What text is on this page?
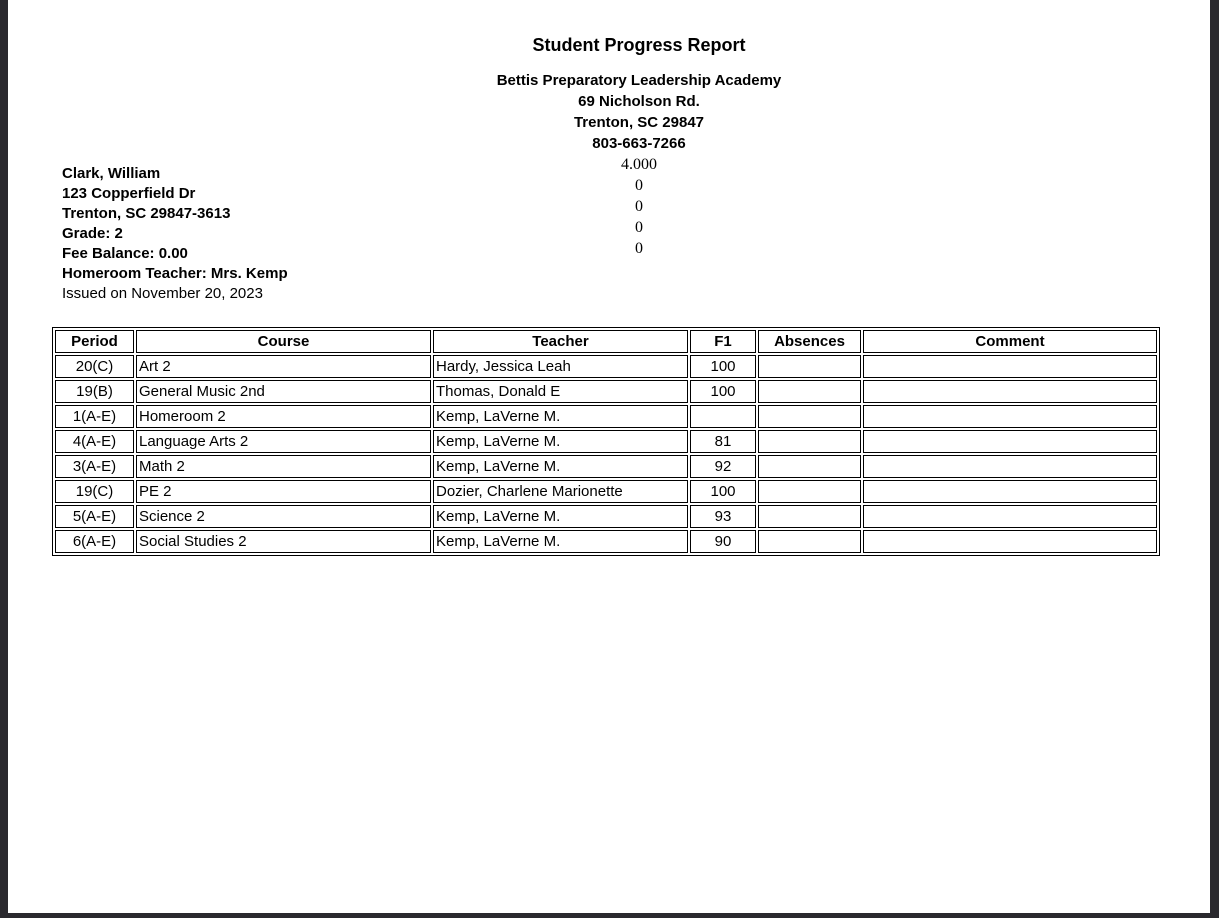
Student Progress Report
Bettis Preparatory Leadership Academy
69 Nicholson Rd.
Trenton, SC 29847
803-663-7266
4.000
0
0
0
0
Clark, William
123 Copperfield Dr
Trenton, SC 29847-3613
Grade: 2
Fee Balance: 0.00
Homeroom Teacher: Mrs. Kemp
Issued on November 20, 2023
Period	Course	Teacher	F1	Absences	Comment
20(C)	Art 2	Hardy, Jessica Leah	100		
19(B)	General Music 2nd	Thomas, Donald E	100		
1(A-E)	Homeroom 2	Kemp, LaVerne M.			
4(A-E)	Language Arts 2	Kemp, LaVerne M.	81		
3(A-E)	Math 2	Kemp, LaVerne M.	92		
19(C)	PE 2	Dozier, Charlene Marionette	100		
5(A-E)	Science 2	Kemp, LaVerne M.	93		
6(A-E)	Social Studies 2	Kemp, LaVerne M.	90		
